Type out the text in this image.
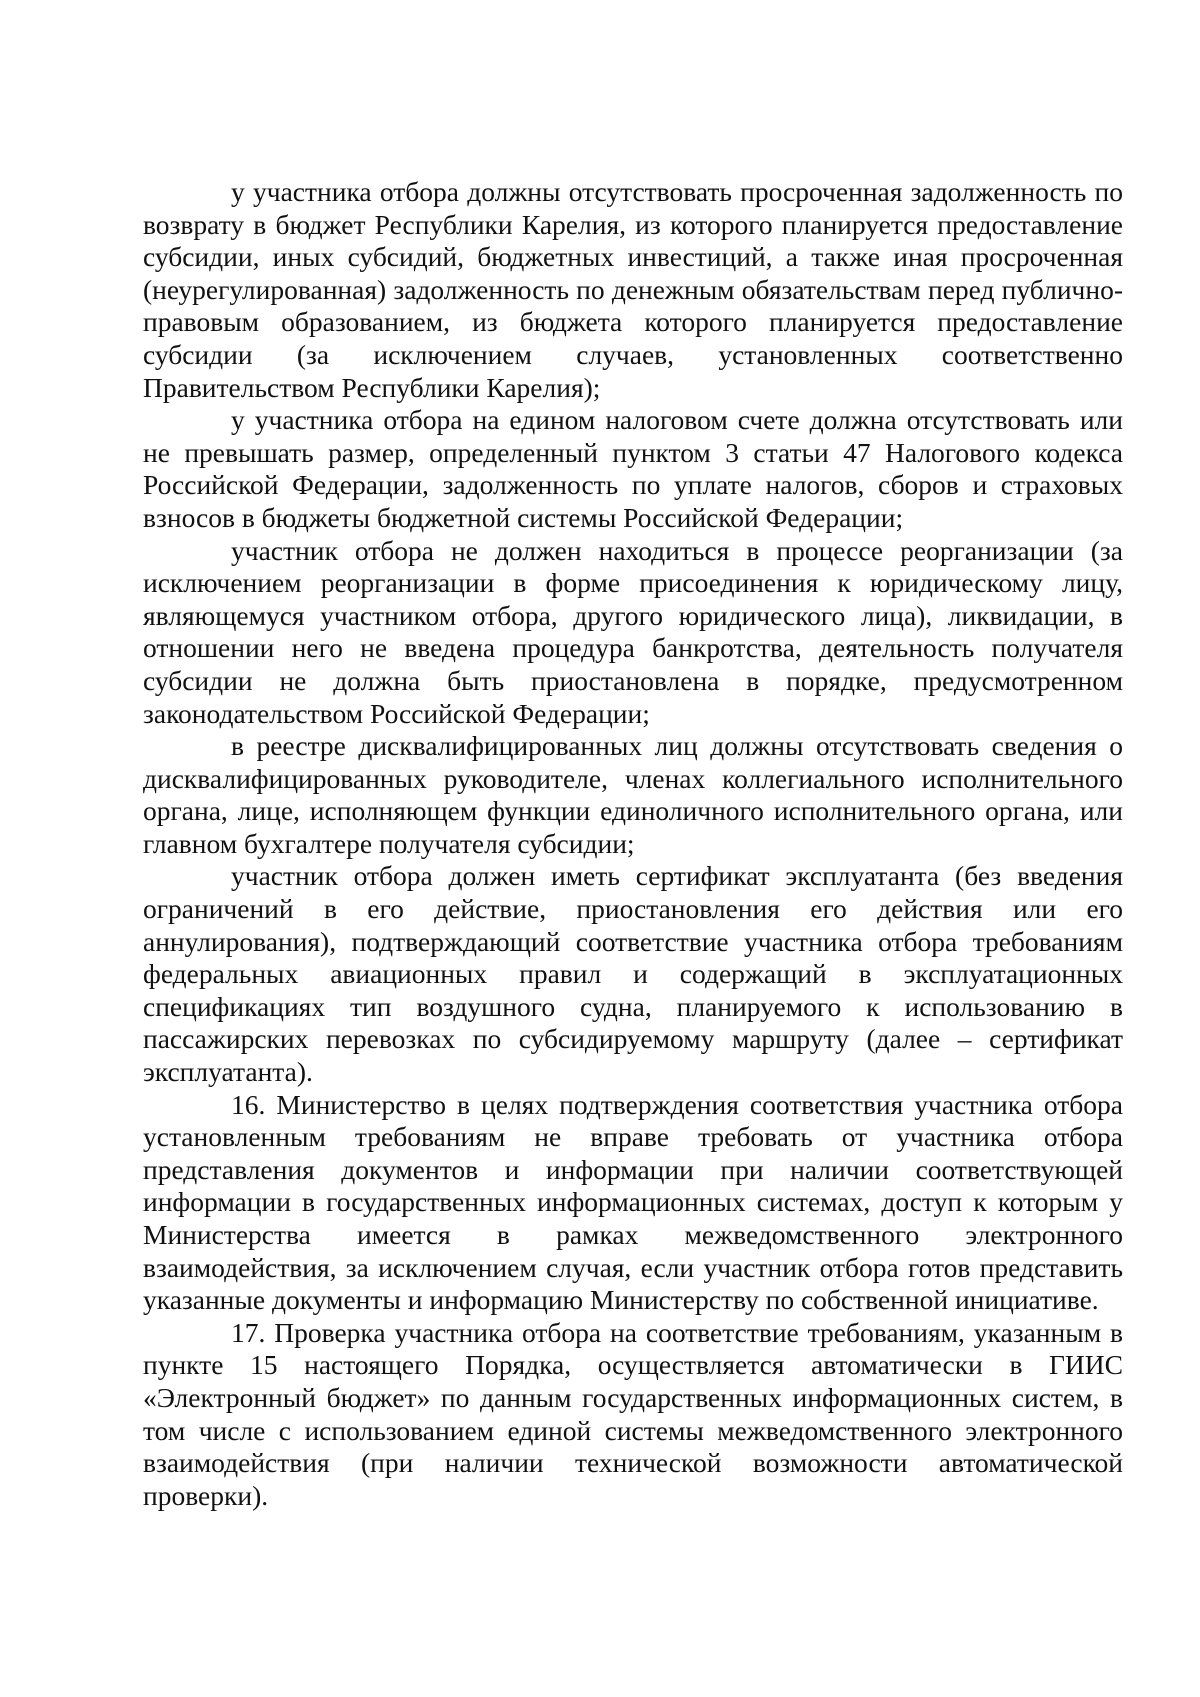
у участника отбора должны отсутствовать просроченная задолженность по возврату в бюджет Республики Карелия, из которого планируется предоставление субсидии, иных субсидий, бюджетных инвестиций, а также иная просроченная (неурегулированная) задолженность по денежным обязательствам перед публично-правовым образованием, из бюджета которого планируется предоставление субсидии (за исключением случаев, установленных соответственно Правительством Республики Карелия);

у участника отбора на едином налоговом счете должна отсутствовать или не превышать размер, определенный пунктом 3 статьи 47 Налогового кодекса Российской Федерации, задолженность по уплате налогов, сборов и страховых взносов в бюджеты бюджетной системы Российской Федерации;

участник отбора не должен находиться в процессе реорганизации (за исключением реорганизации в форме присоединения к юридическому лицу, являющемуся участником отбора, другого юридического лица), ликвидации, в отношении него не введена процедура банкротства, деятельность получателя субсидии не должна быть приостановлена в порядке, предусмотренном законодательством Российской Федерации;

в реестре дисквалифицированных лиц должны отсутствовать сведения о дисквалифицированных руководителе, членах коллегиального исполнительного органа, лице, исполняющем функции единоличного исполнительного органа, или главном бухгалтере получателя субсидии;

участник отбора должен иметь сертификат эксплуатанта (без введения ограничений в его действие, приостановления его действия или его аннулирования), подтверждающий соответствие участника отбора требованиям федеральных авиационных правил и содержащий в эксплуатационных спецификациях тип воздушного судна, планируемого к использованию в пассажирских перевозках по субсидируемому маршруту (далее – сертификат эксплуатанта).

16. Министерство в целях подтверждения соответствия участника отбора установленным требованиям не вправе требовать от участника отбора представления документов и информации при наличии соответствующей информации в государственных информационных системах, доступ к которым у Министерства имеется в рамках межведомственного электронного взаимодействия, за исключением случая, если участник отбора готов представить указанные документы и информацию Министерству по собственной инициативе.

17. Проверка участника отбора на соответствие требованиям, указанным в пункте 15 настоящего Порядка, осуществляется автоматически в ГИИС «Электронный бюджет» по данным государственных информационных систем, в том числе с использованием единой системы межведомственного электронного взаимодействия (при наличии технической возможности автоматической проверки).
